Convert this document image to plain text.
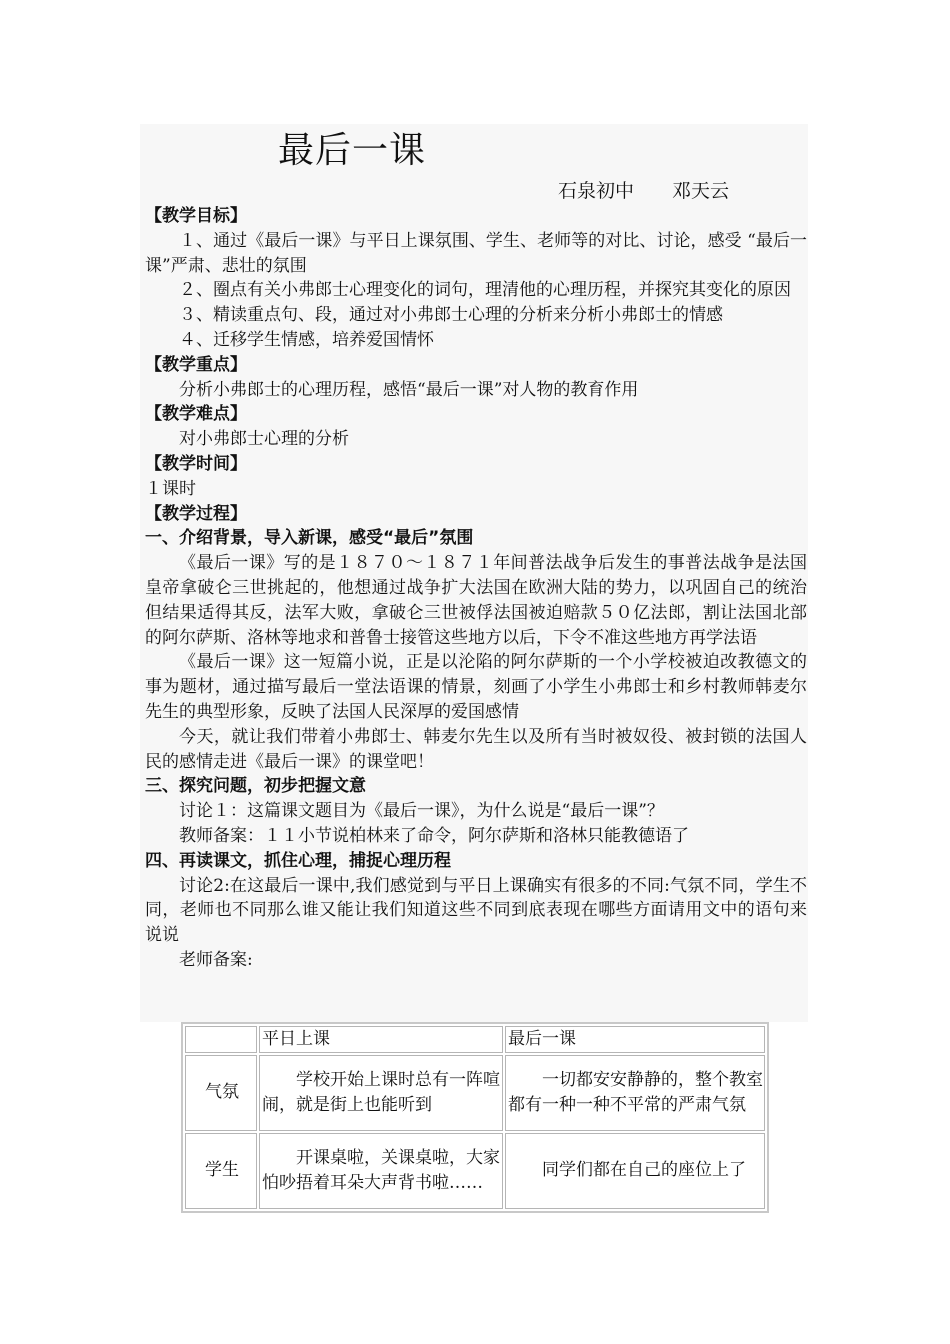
最后一课
石泉初中　　邓天云
【教学目标】
１、通过《最后一课》与平日上课氛围、学生、老师等的对比、讨论，感受 “最后一课”严肃、悲壮的氛围
２、圈点有关小弗郎士心理变化的词句，理清他的心理历程，并探究其变化的原因
３、精读重点句、段，通过对小弗郎士心理的分析来分析小弗郎士的情感
４、迁移学生情感，培养爱国情怀
【教学重点】
分析小弗郎士的心理历程，感悟“最后一课”对人物的教育作用
【教学难点】
对小弗郎士心理的分析
【教学时间】
１课时
【教学过程】
一、介绍背景，导入新课，感受“最后”氛围
《最后一课》写的是１８７０～１８７１年间普法战争后发生的事普法战争是法国皇帝拿破仑三世挑起的，他想通过战争扩大法国在欧洲大陆的势力，以巩固自己的统治但结果适得其反，法军大败，拿破仑三世被俘法国被迫赔款５０亿法郎，割让法国北部的阿尔萨斯、洛林等地求和普鲁士接管这些地方以后，下令不准这些地方再学法语
《最后一课》这一短篇小说，正是以沦陷的阿尔萨斯的一个小学校被迫改教德文的事为题材，通过描写最后一堂法语课的情景，刻画了小学生小弗郎士和乡村教师韩麦尔先生的典型形象，反映了法国人民深厚的爱国感情
今天，就让我们带着小弗郎士、韩麦尔先生以及所有当时被奴役、被封锁的法国人民的感情走进《最后一课》的课堂吧！
三、探究问题，初步把握文意
讨论１：这篇课文题目为《最后一课》，为什么说是“最后一课”？
教师备案：１１小节说柏林来了命令，阿尔萨斯和洛林只能教德语了
四、再读课文，抓住心理，捕捉心理历程
讨论2:在这最后一课中,我们感觉到与平日上课确实有很多的不同:气氛不同，学生不同，老师也不同那么谁又能让我们知道这些不同到底表现在哪些方面请用文中的语句来说说
老师备案:
	平日上课	最后一课
气氛	学校开始上课时总有一阵喧闹，就是街上也能听到	一切都安安静静的，整个教室都有一种一种不平常的严肃气氛

学生	开课桌啦，关课桌啦，大家怕吵捂着耳朵大声背书啦……	同学们都在自己的座位上了
